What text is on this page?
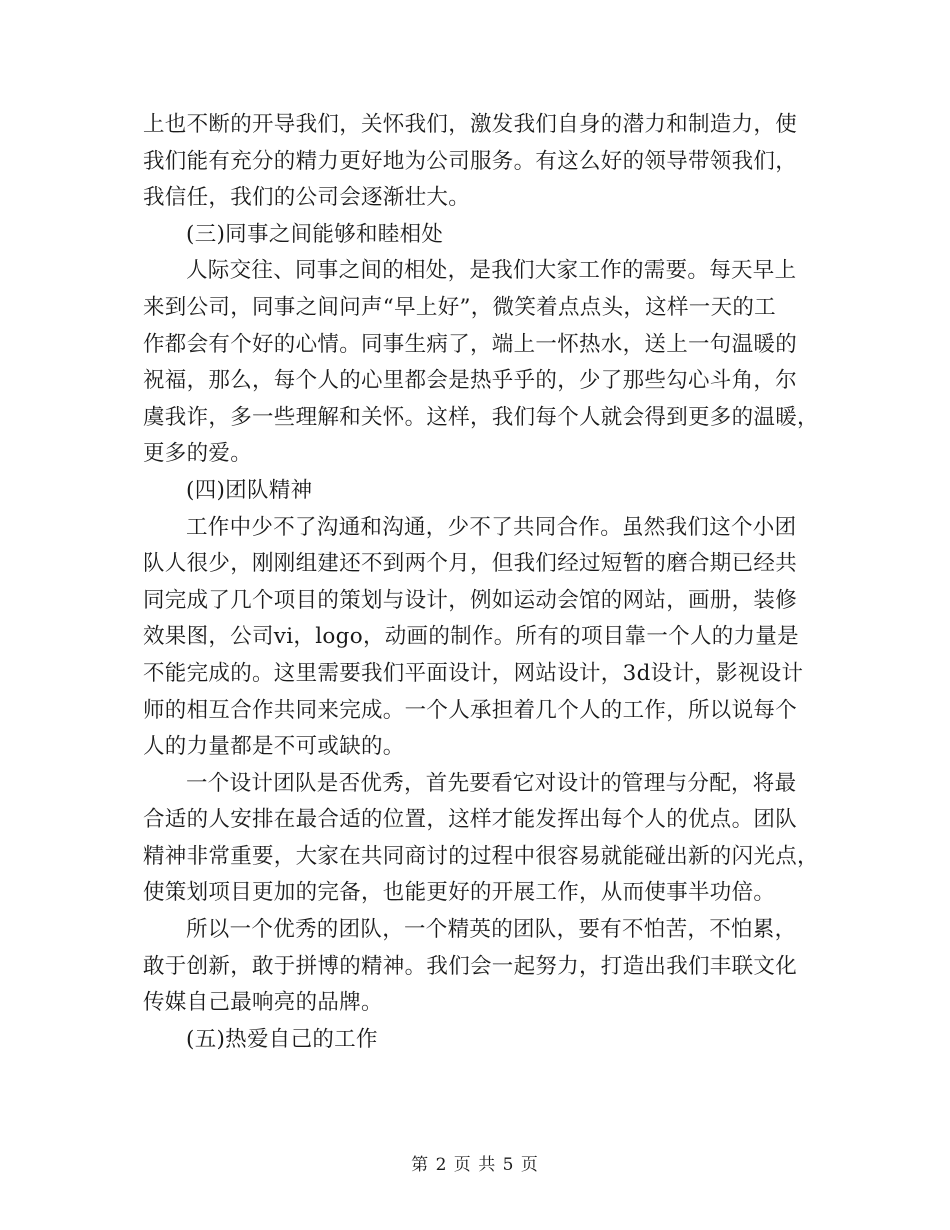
上也不断的开导我们，关怀我们，激发我们自身的潜力和制造力，使
我们能有充分的精力更好地为公司服务。有这么好的领导带领我们，
我信任，我们的公司会逐渐壮大。
(三)同事之间能够和睦相处
人际交往、同事之间的相处，是我们大家工作的需要。每天早上
来到公司，同事之间问声“早上好”，微笑着点点头，这样一天的工
作都会有个好的心情。同事生病了，端上一怀热水，送上一句温暖的
祝福，那么，每个人的心里都会是热乎乎的，少了那些勾心斗角，尔
虞我诈，多一些理解和关怀。这样，我们每个人就会得到更多的温暖，
更多的爱。
(四)团队精神
工作中少不了沟通和沟通，少不了共同合作。虽然我们这个小团
队人很少，刚刚组建还不到两个月，但我们经过短暂的磨合期已经共
同完成了几个项目的策划与设计，例如运动会馆的网站，画册，装修
效果图，公司vi，logo，动画的制作。所有的项目靠一个人的力量是
不能完成的。这里需要我们平面设计，网站设计，3d设计，影视设计
师的相互合作共同来完成。一个人承担着几个人的工作，所以说每个
人的力量都是不可或缺的。
一个设计团队是否优秀，首先要看它对设计的管理与分配，将最
合适的人安排在最合适的位置，这样才能发挥出每个人的优点。团队
精神非常重要，大家在共同商讨的过程中很容易就能碰出新的闪光点，
使策划项目更加的完备，也能更好的开展工作，从而使事半功倍。
所以一个优秀的团队，一个精英的团队，要有不怕苦，不怕累，
敢于创新，敢于拼博的精神。我们会一起努力，打造出我们丰联文化
传媒自己最响亮的品牌。
(五)热爱自己的工作
第 2 页 共 5 页
